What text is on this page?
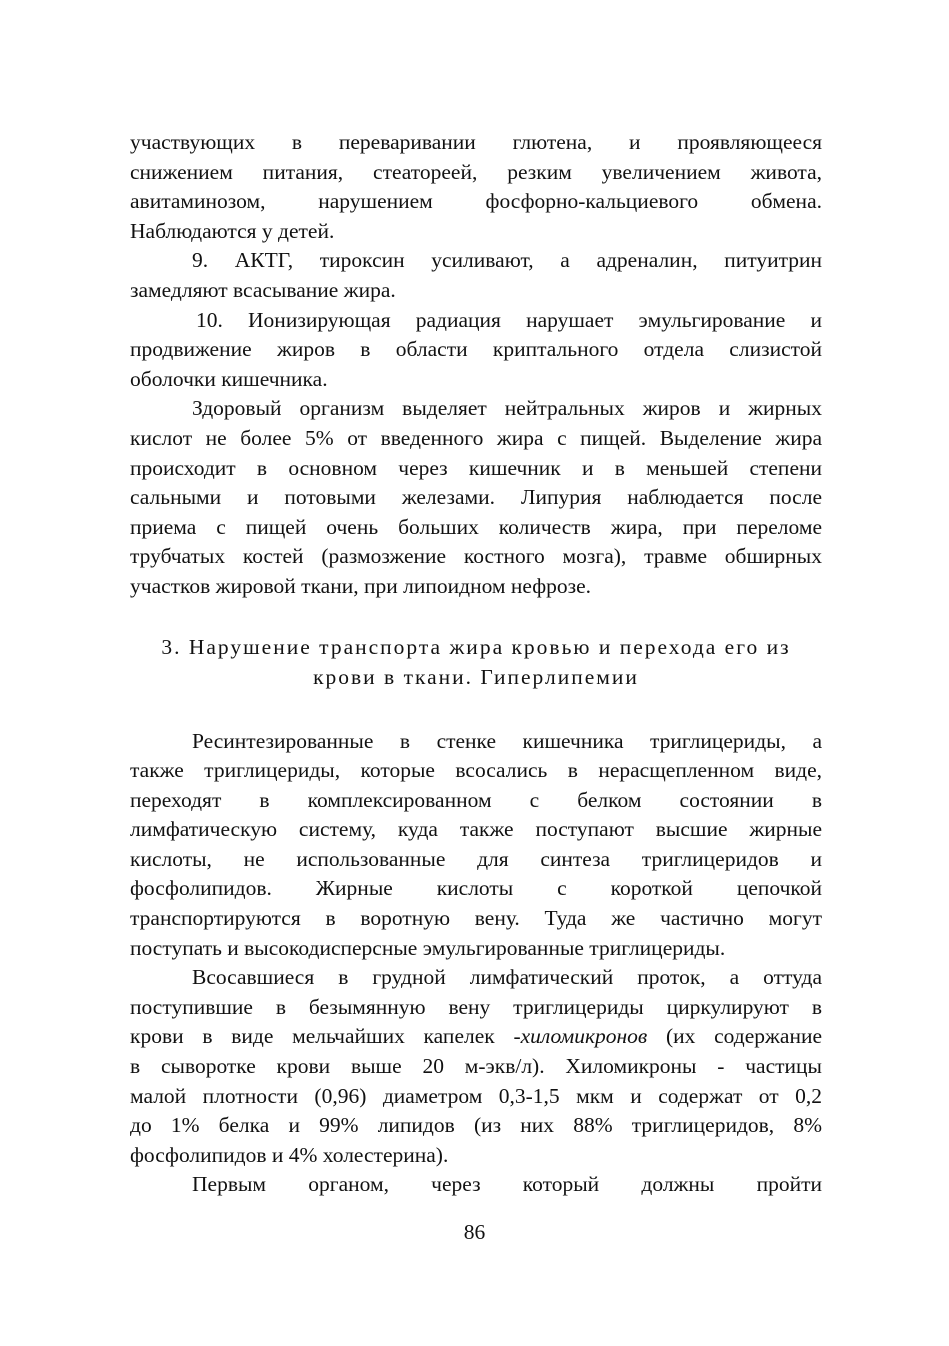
участвующих в переваривании глютена, и проявляющееся
снижением питания, стеатореей, резким увеличением живота,
авитаминозом, нарушением фосфорно-кальциевого обмена.
Наблюдаются у детей.
9. АКТГ, тироксин усиливают, а адреналин, питуитрин
замедляют всасывание жира.
10. Ионизирующая радиация нарушает эмульгирование и
продвижение жиров в области криптального отдела слизистой
оболочки кишечника.
Здоровый организм выделяет нейтральных жиров и жирных
кислот не более 5% от введенного жира с пищей. Выделение жира
происходит в основном через кишечник и в меньшей степени
сальными и потовыми железами. Липурия наблюдается после
приема с пищей очень больших количеств жира, при переломе
трубчатых костей (размозжение костного мозга), травме обширных
участков жировой ткани, при липоидном нефрозе.
3. Нарушение транспорта жира кровью и перехода его из
крови в ткани. Гиперлипемии
Ресинтезированные в стенке кишечника триглицериды, а
также триглицериды, которые всосались в нерасщепленном виде,
переходят в комплексированном с белком состоянии в
лимфатическую систему, куда также поступают высшие жирные
кислоты, не использованные для синтеза триглицеридов и
фосфолипидов. Жирные кислоты с короткой цепочкой
транспортируются в воротную вену. Туда же частично могут
поступать и высокодисперсные эмульгированные триглицериды.
Всосавшиеся в грудной лимфатический проток, а оттуда
поступившие в безымянную вену триглицериды циркулируют в
крови в виде мельчайших капелек -хиломикронов (их содержание
в сыворотке крови выше 20 м-экв/л). Хиломикроны - частицы
малой плотности (0,96) диаметром 0,3-1,5 мкм и содержат от 0,2
до 1% белка и 99% липидов (из них 88% триглицеридов, 8%
фосфолипидов и 4% холестерина).
Первым органом, через который должны пройти
86
